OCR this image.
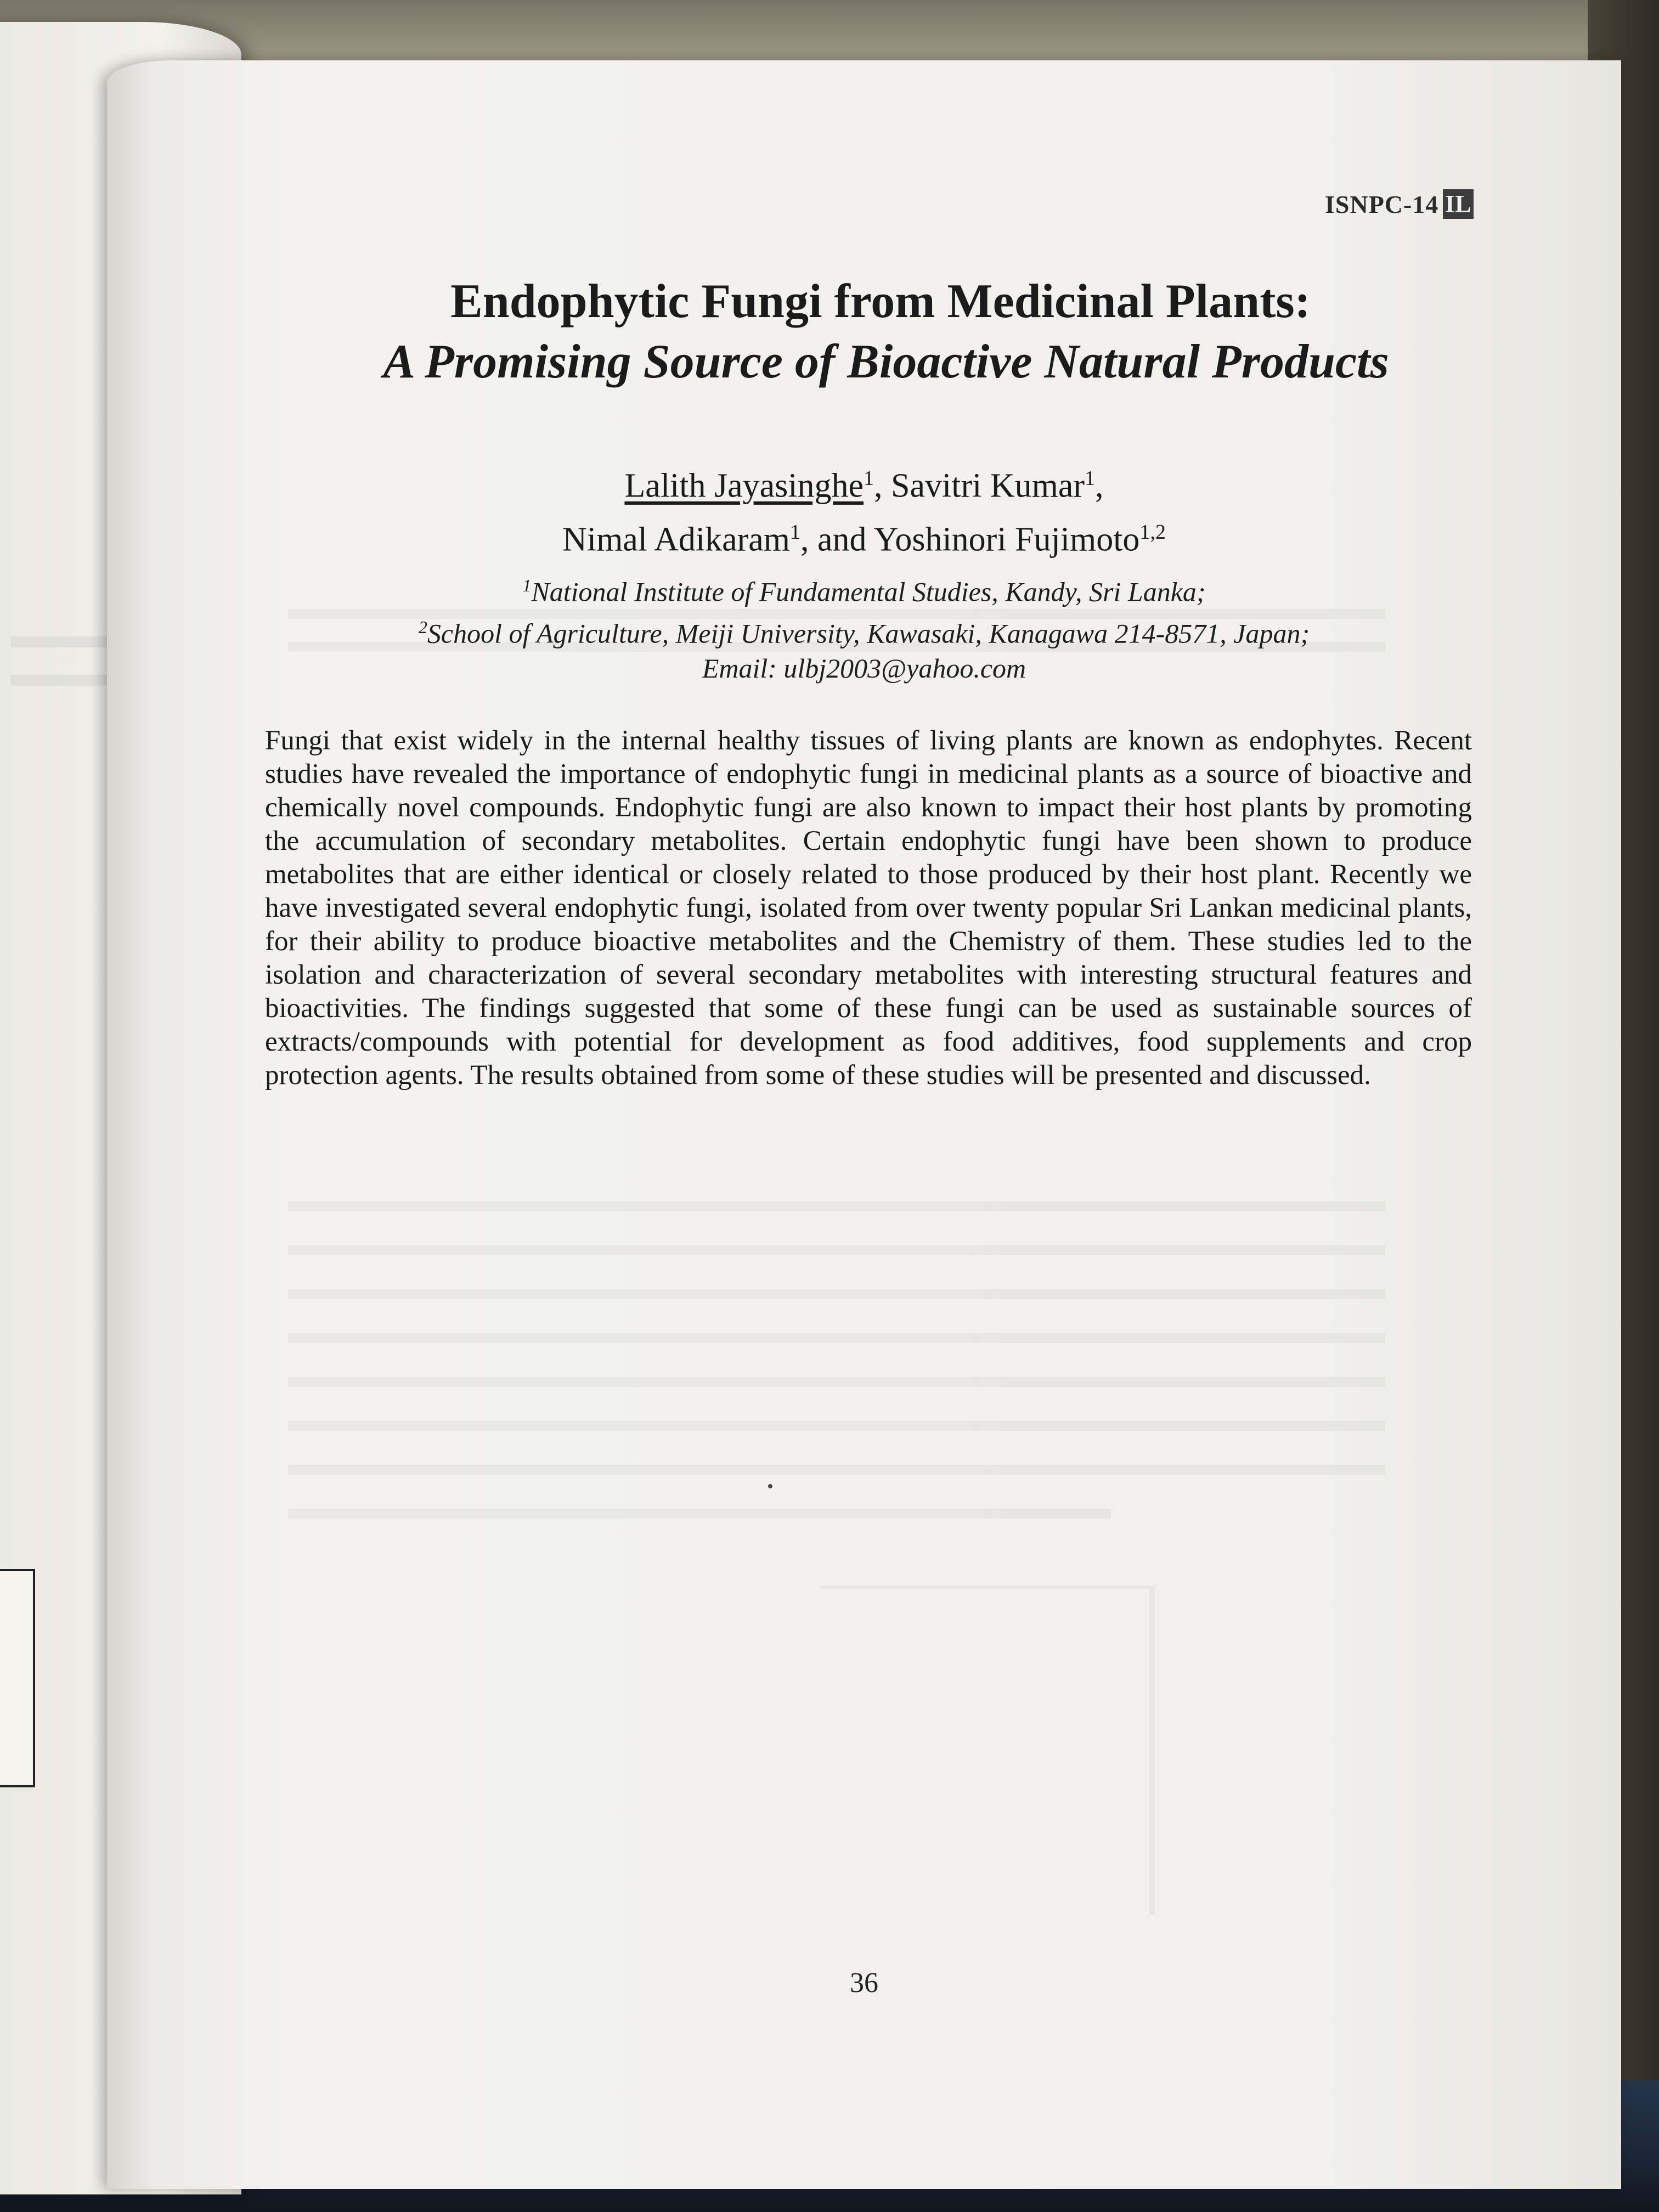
ISNPC-14 IL
Endophytic Fungi from Medicinal Plants:
A Promising Source of Bioactive Natural Products
Lalith Jayasinghe$^1$, Savitri Kumar$^1$,
Nimal Adikaram$^1$, and Yoshinori Fujimoto$^{1,2}$
$^1$National Institute of Fundamental Studies, Kandy, Sri Lanka;
$^2$School of Agriculture, Meiji University, Kawasaki, Kanagawa 214-8571, Japan;
Email: ulbj2003@yahoo.com
Fungi that exist widely in the internal healthy tissues of living plants are known as endophytes. Recent studies have revealed the importance of endophytic fungi in medicinal plants as a source of bioactive and chemically novel compounds. Endophytic fungi are also known to impact their host plants by promoting the accumulation of secondary metabolites. Certain endophytic fungi have been shown to produce metabolites that are either identical or closely related to those produced by their host plant. Recently we have investigated several endophytic fungi, isolated from over twenty popular Sri Lankan medicinal plants, for their ability to produce bioactive metabolites and the Chemistry of them. These studies led to the isolation and characterization of several secondary metabolites with interesting structural features and bioactivities. The findings suggested that some of these fungi can be used as sustainable sources of extracts/compounds with potential for development as food additives, food supplements and crop protection agents. The results obtained from some of these studies will be presented and discussed.
36
